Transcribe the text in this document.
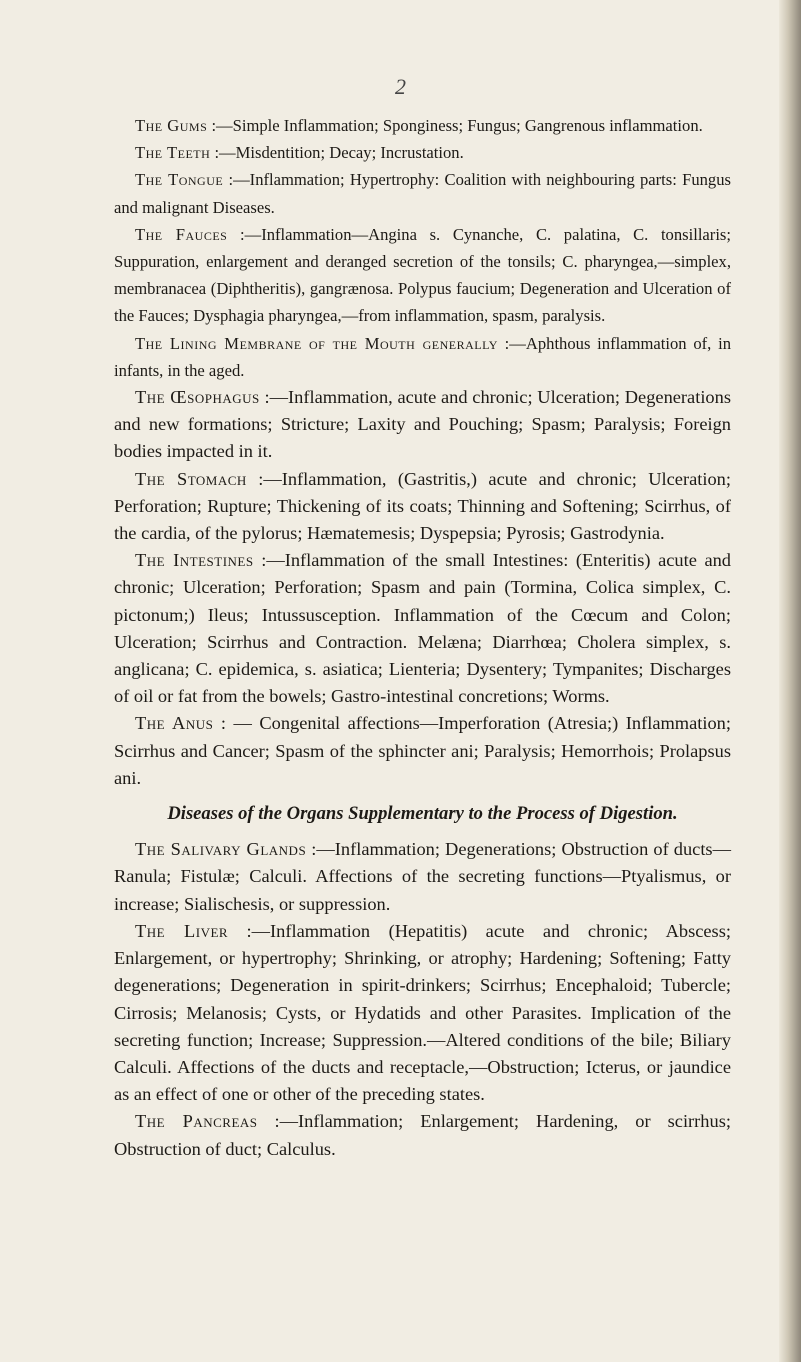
2

The Gums :—Simple Inflammation; Sponginess; Fungus; Gangrenous inflammation.

The Teeth :—Misdentition; Decay; Incrustation.

The Tongue :—Inflammation; Hypertrophy: Coalition with neighbouring parts: Fungus and malignant Diseases.

The Fauces :—Inflammation—Angina s. Cynanche, C. palatina, C. tonsillaris; Suppuration, enlargement and deranged secretion of the tonsils; C. pharyngea,—simplex, membranacea (Diphtheritis), gangrænosa. Polypus faucium; Degeneration and Ulceration of the Fauces; Dysphagia pharyngea,—from inflammation, spasm, paralysis.

The Lining Membrane of the Mouth generally :—Aphthous inflammation of, in infants, in the aged.

The Œsophagus :—Inflammation, acute and chronic; Ulceration; Degenerations and new formations; Stricture; Laxity and Pouching; Spasm; Paralysis; Foreign bodies impacted in it.

The Stomach :—Inflammation, (Gastritis,) acute and chronic; Ulceration; Perforation; Rupture; Thickening of its coats; Thinning and Softening; Scirrhus, of the cardia, of the pylorus; Hæmatemesis; Dyspepsia; Pyrosis; Gastrodynia.

The Intestines :—Inflammation of the small Intestines: (Enteritis) acute and chronic; Ulceration; Perforation; Spasm and pain (Tormina, Colica simplex, C. pictonum;) Ileus; Intussusception. Inflammation of the Cœcum and Colon; Ulceration; Scirrhus and Contraction. Melæna; Diarrhœa; Cholera simplex, s. anglicana; C. epidemica, s. asiatica; Lienteria; Dysentery; Tympanites; Discharges of oil or fat from the bowels; Gastro-intestinal concretions; Worms.

The Anus : — Congenital affections—Imperforation (Atresia;) Inflammation; Scirrhus and Cancer; Spasm of the sphincter ani; Paralysis; Hemorrhois; Prolapsus ani.

Diseases of the Organs Supplementary to the Process of Digestion.

The Salivary Glands :—Inflammation; Degenerations; Obstruction of ducts—Ranula; Fistulæ; Calculi. Affections of the secreting functions—Ptyalismus, or increase; Sialischesis, or suppression.

The Liver :—Inflammation (Hepatitis) acute and chronic; Abscess; Enlargement, or hypertrophy; Shrinking, or atrophy; Hardening; Softening; Fatty degenerations; Degeneration in spirit-drinkers; Scirrhus; Encephaloid; Tubercle; Cirrosis; Melanosis; Cysts, or Hydatids and other Parasites. Implication of the secreting function; Increase; Suppression.—Altered conditions of the bile; Biliary Calculi. Affections of the ducts and receptacle,—Obstruction; Icterus, or jaundice as an effect of one or other of the preceding states.

The Pancreas :—Inflammation; Enlargement; Hardening, or scirrhus; Obstruction of duct; Calculus.
